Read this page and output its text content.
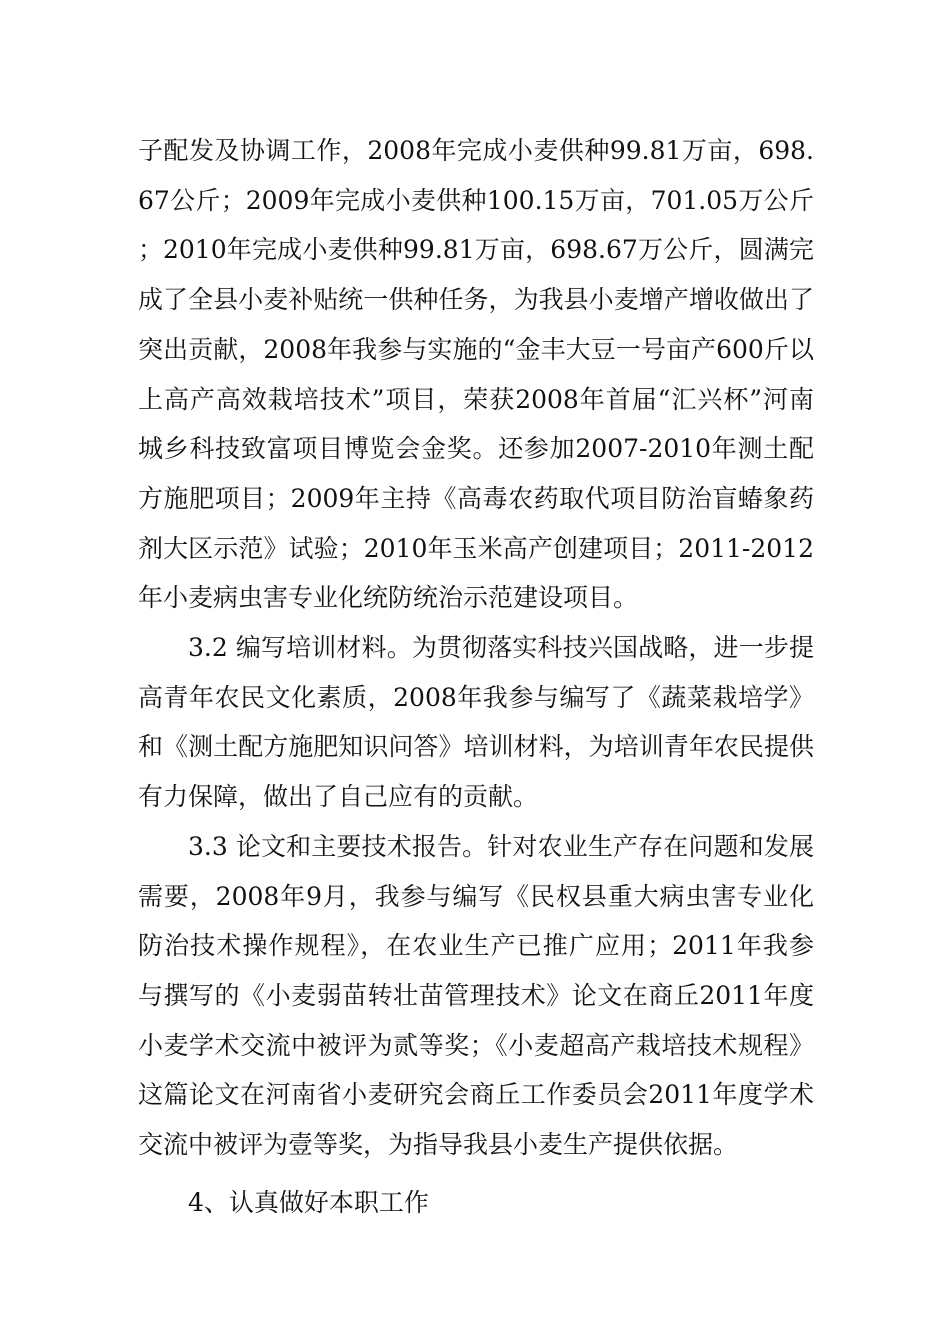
子配发及协调工作，2008年完成小麦供种99.81万亩，698.67公斤；2009年完成小麦供种100.15万亩，701.05万公斤；2010年完成小麦供种99.81万亩，698.67万公斤，圆满完成了全县小麦补贴统一供种任务，为我县小麦增产增收做出了突出贡献，2008年我参与实施的“金丰大豆一号亩产600斤以上高产高效栽培技术”项目，荣获2008年首届“汇兴杯”河南城乡科技致富项目博览会金奖。还参加2007-2010年测土配方施肥项目；2009年主持《高毒农药取代项目防治盲蝽象药剂大区示范》试验；2010年玉米高产创建项目；2011-2012年小麦病虫害专业化统防统治示范建设项目。

3.2 编写培训材料。为贯彻落实科技兴国战略，进一步提高青年农民文化素质，2008年我参与编写了《蔬菜栽培学》和《测土配方施肥知识问答》培训材料，为培训青年农民提供有力保障，做出了自己应有的贡献。

3.3 论文和主要技术报告。针对农业生产存在问题和发展需要，2008年9月，我参与编写《民权县重大病虫害专业化防治技术操作规程》，在农业生产已推广应用；2011年我参与撰写的《小麦弱苗转壮苗管理技术》论文在商丘2011年度小麦学术交流中被评为贰等奖；《小麦超高产栽培技术规程》这篇论文在河南省小麦研究会商丘工作委员会2011年度学术交流中被评为壹等奖，为指导我县小麦生产提供依据。

4、认真做好本职工作
